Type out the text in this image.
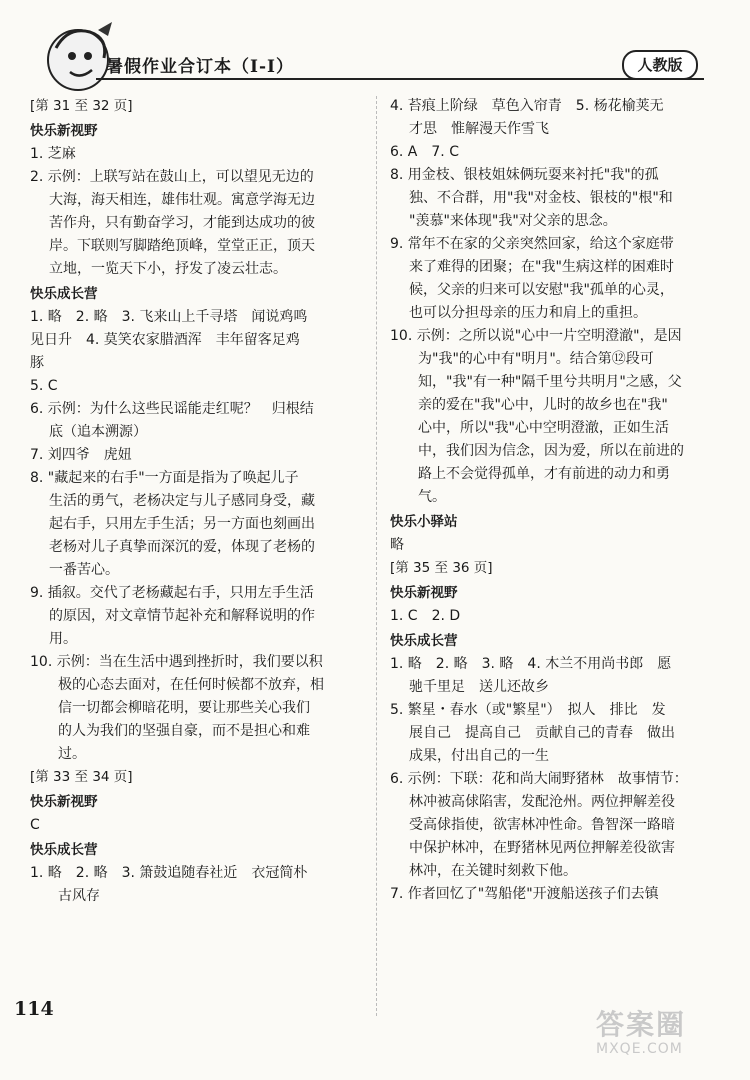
暑假作业合订本（Ⅰ-Ⅰ）	人教版

[第 31 至 32 页]

快乐新视野

1. 芝麻

2. 示例：上联写站在鼓山上，可以望见无边的

大海，海天相连，雄伟壮观。寓意学海无边

苦作舟，只有勤奋学习，才能到达成功的彼

岸。下联则写脚踏绝顶峰，堂堂正正，顶天

立地，一览天下小，抒发了凌云壮志。

快乐成长营

1. 略　2. 略　3. 飞来山上千寻塔　闻说鸡鸣

见日升　4. 莫笑农家腊酒浑　丰年留客足鸡

豚

5. C

6. 示例：为什么这些民谣能走红呢？　归根结

底（追本溯源）

7. 刘四爷　虎妞

8. "藏起来的右手"一方面是指为了唤起儿子

生活的勇气，老杨决定与儿子感同身受，藏

起右手，只用左手生活；另一方面也刻画出

老杨对儿子真挚而深沉的爱，体现了老杨的

一番苦心。

9. 插叙。交代了老杨藏起右手，只用左手生活

的原因，对文章情节起补充和解释说明的作

用。

10. 示例：当在生活中遇到挫折时，我们要以积

极的心态去面对，在任何时候都不放弃，相

信一切都会柳暗花明，要让那些关心我们

的人为我们的坚强自豪，而不是担心和难

过。

[第 33 至 34 页]

快乐新视野

C

快乐成长营

1. 略　2. 略　3. 箫鼓追随春社近　衣冠简朴

古风存

4. 苔痕上阶绿　草色入帘青　5. 杨花榆荚无

才思　惟解漫天作雪飞

6. A　7. C

8. 用金枝、银枝姐妹俩玩耍来衬托"我"的孤

独、不合群，用"我"对金枝、银枝的"根"和

"羡慕"来体现"我"对父亲的思念。

9. 常年不在家的父亲突然回家，给这个家庭带

来了难得的团聚；在"我"生病这样的困难时

候，父亲的归来可以安慰"我"孤单的心灵，

也可以分担母亲的压力和肩上的重担。

10. 示例：之所以说"心中一片空明澄澈"，是因

为"我"的心中有"明月"。结合第⑫段可

知，"我"有一种"隔千里兮共明月"之感，父

亲的爱在"我"心中，儿时的故乡也在"我"

心中，所以"我"心中空明澄澈，正如生活

中，我们因为信念，因为爱，所以在前进的

路上不会觉得孤单，才有前进的动力和勇

气。

快乐小驿站

略

[第 35 至 36 页]

快乐新视野

1. C　2. D

快乐成长营

1. 略　2. 略　3. 略　4. 木兰不用尚书郎　愿

驰千里足　送儿还故乡

5. 繁星・春水（或"繁星"）　拟人　排比　发

展自己　提高自己　贡献自己的青春　做出

成果，付出自己的一生

6. 示例：下联：花和尚大闹野猪林　故事情节：

林冲被高俅陷害，发配沧州。两位押解差役

受高俅指使，欲害林冲性命。鲁智深一路暗

中保护林冲，在野猪林见两位押解差役欲害

林冲，在关键时刻救下他。

7. 作者回忆了"驾船佬"开渡船送孩子们去镇

114	答案圈
MXQE.COM
